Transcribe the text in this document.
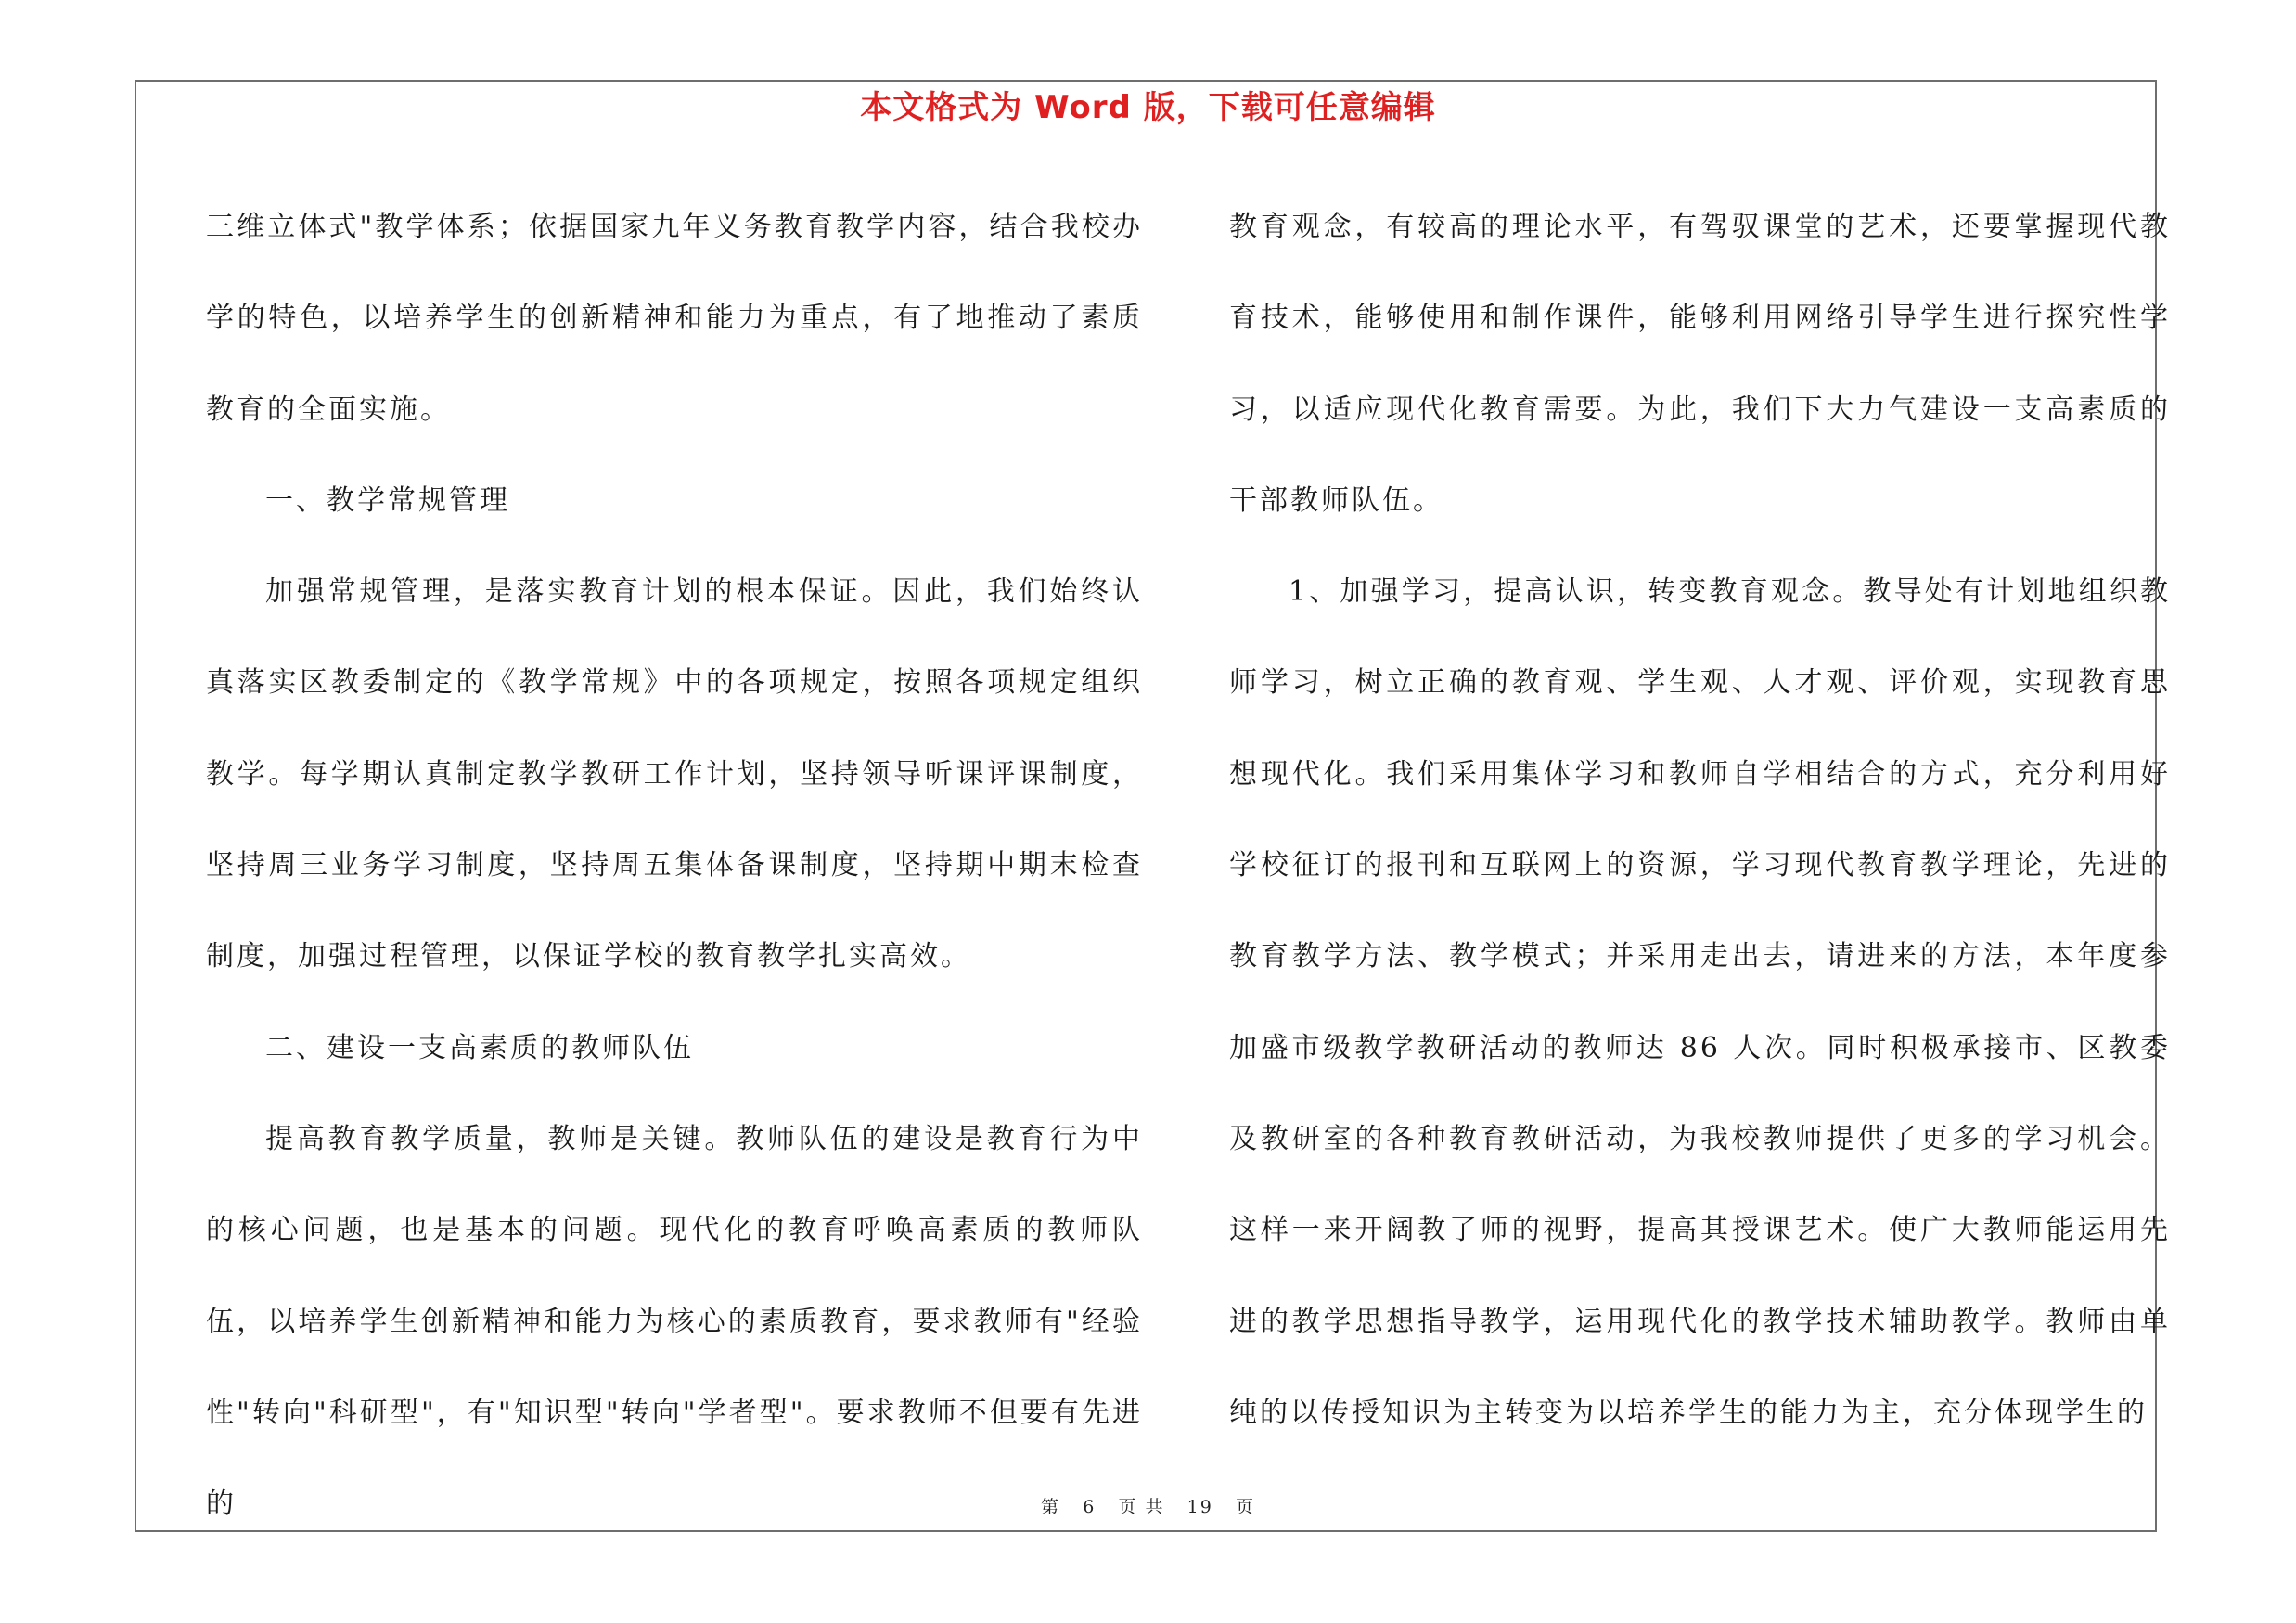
本文格式为 Word 版，下载可任意编辑

三维立体式"教学体系；依据国家九年义务教育教学内容，结合我校办学的特色，以培养学生的创新精神和能力为重点，有了地推动了素质教育的全面实施。

一、教学常规管理

加强常规管理，是落实教育计划的根本保证。因此，我们始终认真落实区教委制定的《教学常规》中的各项规定，按照各项规定组织教学。每学期认真制定教学教研工作计划，坚持领导听课评课制度，坚持周三业务学习制度，坚持周五集体备课制度，坚持期中期末检查制度，加强过程管理，以保证学校的教育教学扎实高效。

二、建设一支高素质的教师队伍

提高教育教学质量，教师是关键。教师队伍的建设是教育行为中的核心问题，也是基本的问题。现代化的教育呼唤高素质的教师队伍，以培养学生创新精神和能力为核心的素质教育，要求教师有"经验性"转向"科研型"，有"知识型"转向"学者型"。要求教师不但要有先进的

教育观念，有较高的理论水平，有驾驭课堂的艺术，还要掌握现代教育技术，能够使用和制作课件，能够利用网络引导学生进行探究性学习，以适应现代化教育需要。为此，我们下大力气建设一支高素质的干部教师队伍。

1、加强学习，提高认识，转变教育观念。教导处有计划地组织教师学习，树立正确的教育观、学生观、人才观、评价观，实现教育思想现代化。我们采用集体学习和教师自学相结合的方式，充分利用好学校征订的报刊和互联网上的资源，学习现代教育教学理论，先进的教育教学方法、教学模式；并采用走出去，请进来的方法，本年度参加盛市级教学教研活动的教师达 86 人次。同时积极承接市、区教委及教研室的各种教育教研活动，为我校教师提供了更多的学习机会。这样一来开阔教了师的视野，提高其授课艺术。使广大教师能运用先进的教学思想指导教学，运用现代化的教学技术辅助教学。教师由单纯的以传授知识为主转变为以培养学生的能力为主，充分体现学生的

第 6 页 共 19 页
